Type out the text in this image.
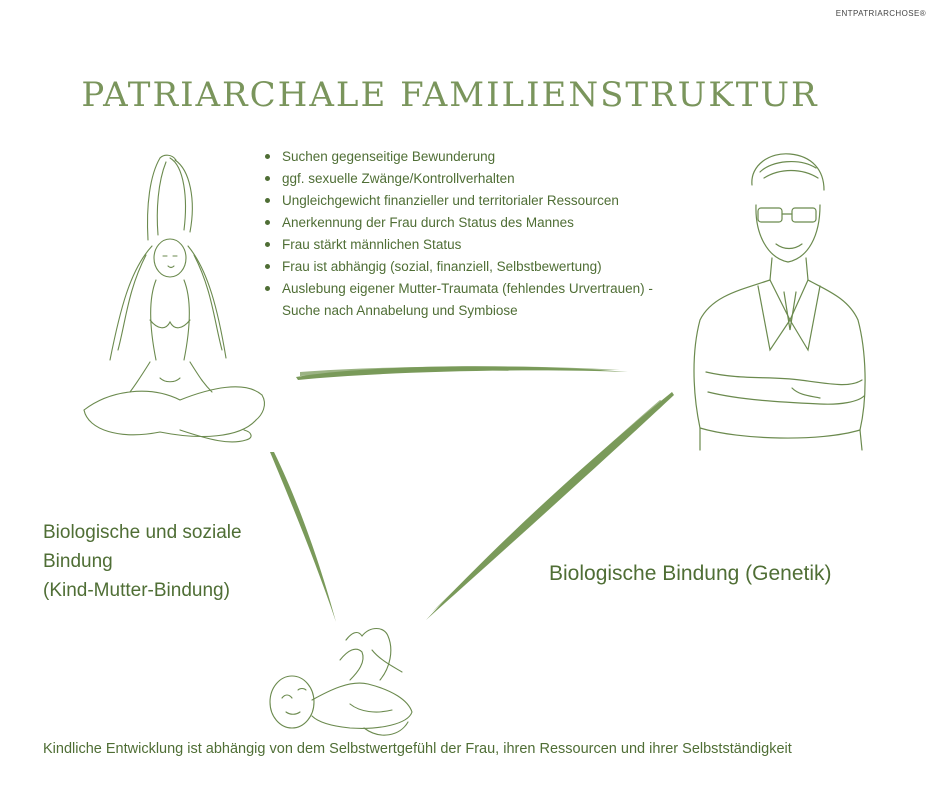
ENTPATRIARCHOSE®
PATRIARCHALE FAMILIENSTRUKTUR
Suchen gegenseitige Bewunderung
ggf. sexuelle Zwänge/Kontrollverhalten
Ungleichgewicht finanzieller und territorialer Ressourcen
Anerkennung der Frau durch Status des Mannes
Frau stärkt männlichen Status
Frau ist abhängig (sozial, finanziell, Selbstbewertung)
Auslebung eigener Mutter-Traumata (fehlendes Urvertrauen) - Suche nach Annabelung und Symbiose
Biologische und soziale
Bindung
(Kind-Mutter-Bindung)
Biologische Bindung (Genetik)
Kindliche Entwicklung ist abhängig von dem Selbstwertgefühl der Frau, ihren Ressourcen und ihrer Selbstständigkeit
